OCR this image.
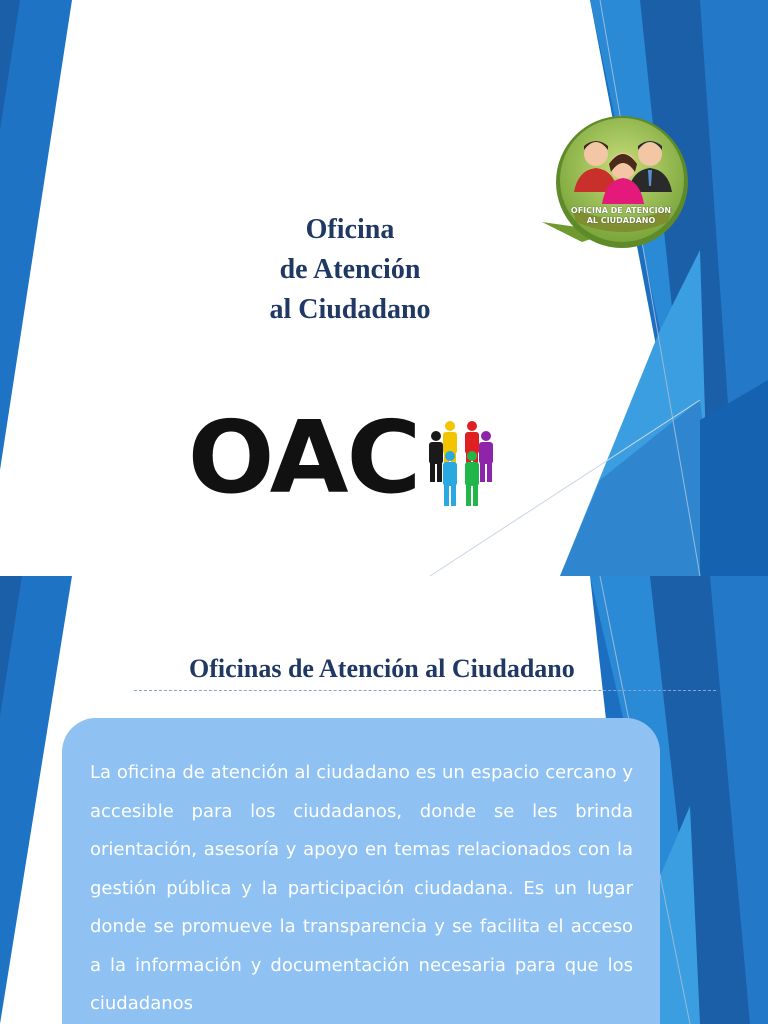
Oficina
de Atención
al Ciudadano
OFICINA DE ATENCIÓN
AL CIUDADANO
OAC
Oficinas de Atención al Ciudadano
La oficina de atención al ciudadano es un espacio cercano y accesible para los ciudadanos, donde se les brinda orientación, asesoría y apoyo en temas relacionados con la gestión pública y la participación ciudadana. Es un lugar donde se promueve la transparencia y se facilita el acceso a la información y documentación necesaria para que los ciudadanos
